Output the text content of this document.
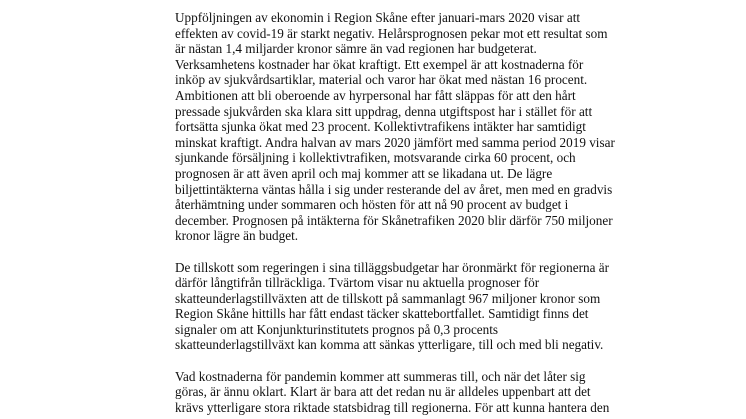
Uppföljningen av ekonomin i Region Skåne efter januari-mars 2020 visar att
effekten av covid-19 är starkt negativ. Helårsprognosen pekar mot ett resultat som
är nästan 1,4 miljarder kronor sämre än vad regionen har budgeterat.
Verksamhetens kostnader har ökat kraftigt. Ett exempel är att kostnaderna för
inköp av sjukvårdsartiklar, material och varor har ökat med nästan 16 procent.
Ambitionen att bli oberoende av hyrpersonal har fått släppas för att den hårt
pressade sjukvården ska klara sitt uppdrag, denna utgiftspost har i stället för att
fortsätta sjunka ökat med 23 procent. Kollektivtrafikens intäkter har samtidigt
minskat kraftigt. Andra halvan av mars 2020 jämfört med samma period 2019 visar
sjunkande försäljning i kollektivtrafiken, motsvarande cirka 60 procent, och
prognosen är att även april och maj kommer att se likadana ut. De lägre
biljettintäkterna väntas hålla i sig under resterande del av året, men med en gradvis
återhämtning under sommaren och hösten för att nå 90 procent av budget i
december. Prognosen på intäkterna för Skånetrafiken 2020 blir därför 750 miljoner
kronor lägre än budget.

De tillskott som regeringen i sina tilläggsbudgetar har öronmärkt för regionerna är
därför långtifrån tillräckliga. Tvärtom visar nu aktuella prognoser för
skatteunderlagstillväxten att de tillskott på sammanlagt 967 miljoner kronor som
Region Skåne hittills har fått endast täcker skattebortfallet. Samtidigt finns det
signaler om att Konjunkturinstitutets prognos på 0,3 procents
skatteunderlagstillväxt kan komma att sänkas ytterligare, till och med bli negativ.

Vad kostnaderna för pandemin kommer att summeras till, och när det låter sig
göras, är ännu oklart. Klart är bara att det redan nu är alldeles uppenbart att det
krävs ytterligare stora riktade statsbidrag till regionerna. För att kunna hantera den
